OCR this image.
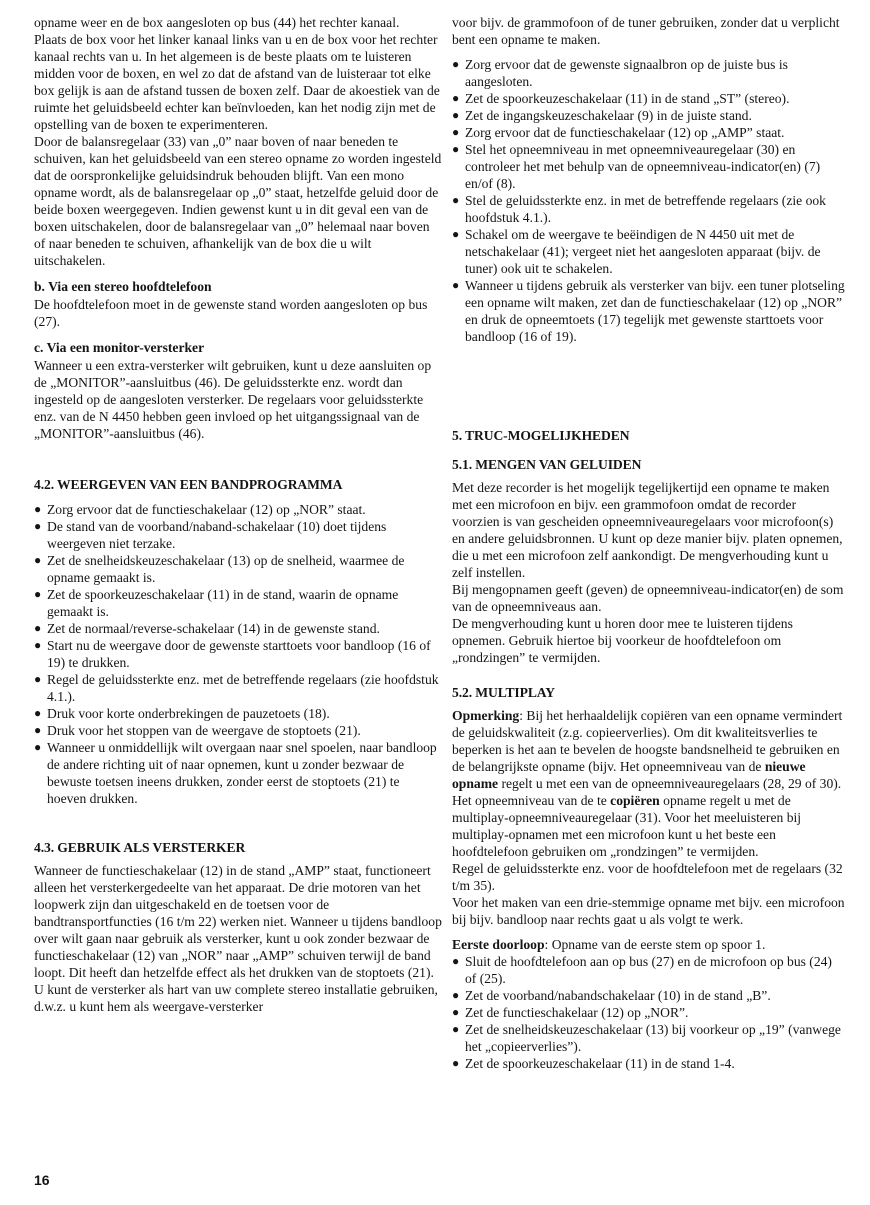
opname weer en de box aangesloten op bus (44) het rechter kanaal.

Plaats de box voor het linker kanaal links van u en de box voor het rechter kanaal rechts van u. In het algemeen is de beste plaats om te luisteren midden voor de boxen, en wel zo dat de afstand van de luisteraar tot elke box gelijk is aan de afstand tussen de boxen zelf. Daar de akoestiek van de ruimte het geluidsbeeld echter kan beïnvloeden, kan het nodig zijn met de opstelling van de boxen te experimenteren.

Door de balansregelaar (33) van „0” naar boven of naar beneden te schuiven, kan het geluidsbeeld van een stereo opname zo worden ingesteld dat de oorspronkelijke geluidsindruk behouden blijft. Van een mono opname wordt, als de balansregelaar op „0” staat, hetzelfde geluid door de beide boxen weergegeven. Indien gewenst kunt u in dit geval een van de boxen uitschakelen, door de balansregelaar van „0” helemaal naar boven of naar beneden te schuiven, afhankelijk van de box die u wilt uitschakelen.

b. Via een stereo hoofdtelefoon

De hoofdtelefoon moet in de gewenste stand worden aangesloten op bus (27).

c. Via een monitor-versterker

Wanneer u een extra-versterker wilt gebruiken, kunt u deze aansluiten op de „MONITOR”-aansluitbus (46). De geluidssterkte enz. wordt dan ingesteld op de aangesloten versterker. De regelaars voor geluidssterkte enz. van de N 4450 hebben geen invloed op het uitgangssignaal van de „MONITOR”-aansluitbus (46).

4.2. WEERGEVEN VAN EEN BANDPROGRAMMA

● Zorg ervoor dat de functieschakelaar (12) op „NOR” staat.
● De stand van de voorband/naband-schakelaar (10) doet tijdens weergeven niet terzake.
● Zet de snelheidskeuzeschakelaar (13) op de snelheid, waarmee de opname gemaakt is.
● Zet de spoorkeuzeschakelaar (11) in de stand, waarin de opname gemaakt is.
● Zet de normaal/reverse-schakelaar (14) in de gewenste stand.
● Start nu de weergave door de gewenste starttoets voor bandloop (16 of 19) te drukken.
● Regel de geluidssterkte enz. met de betreffende regelaars (zie hoofdstuk 4.1.).
● Druk voor korte onderbrekingen de pauzetoets (18).
● Druk voor het stoppen van de weergave de stoptoets (21).
● Wanneer u onmiddellijk wilt overgaan naar snel spoelen, naar bandloop de andere richting uit of naar opnemen, kunt u zonder bezwaar de bewuste toetsen ineens drukken, zonder eerst de stoptoets (21) te hoeven drukken.

4.3. GEBRUIK ALS VERSTERKER

Wanneer de functieschakelaar (12) in de stand „AMP” staat, functioneert alleen het versterkergedeelte van het apparaat. De drie motoren van het loopwerk zijn dan uitgeschakeld en de toetsen voor de bandtransportfuncties (16 t/m 22) werken niet. Wanneer u tijdens bandloop over wilt gaan naar gebruik als versterker, kunt u ook zonder bezwaar de functieschakelaar (12) van „NOR” naar „AMP” schuiven terwijl de band loopt. Dit heeft dan hetzelfde effect als het drukken van de stoptoets (21).

U kunt de versterker als hart van uw complete stereo installatie gebruiken, d.w.z. u kunt hem als weergave-versterker

voor bijv. de grammofoon of de tuner gebruiken, zonder dat u verplicht bent een opname te maken.

● Zorg ervoor dat de gewenste signaalbron op de juiste bus is aangesloten.
● Zet de spoorkeuzeschakelaar (11) in de stand „ST” (stereo).
● Zet de ingangskeuzeschakelaar (9) in de juiste stand.
● Zorg ervoor dat de functieschakelaar (12) op „AMP” staat.
● Stel het opneemniveau in met opneemniveauregelaar (30) en controleer het met behulp van de opneemniveau-indicator(en) (7) en/of (8).
● Stel de geluidssterkte enz. in met de betreffende regelaars (zie ook hoofdstuk 4.1.).
● Schakel om de weergave te beëindigen de N 4450 uit met de netschakelaar (41); vergeet niet het aangesloten apparaat (bijv. de tuner) ook uit te schakelen.
● Wanneer u tijdens gebruik als versterker van bijv. een tuner plotseling een opname wilt maken, zet dan de functieschakelaar (12) op „NOR” en druk de opneemtoets (17) tegelijk met gewenste starttoets voor bandloop (16 of 19).

5. TRUC-MOGELIJKHEDEN

5.1. MENGEN VAN GELUIDEN

Met deze recorder is het mogelijk tegelijkertijd een opname te maken met een microfoon en bijv. een grammofoon omdat de recorder voorzien is van gescheiden opneemniveauregelaars voor microfoon(s) en andere geluidsbronnen. U kunt op deze manier bijv. platen opnemen, die u met een microfoon zelf aankondigt. De mengverhouding kunt u zelf instellen.

Bij mengopnamen geeft (geven) de opneemniveau-indicator(en) de som van de opneemniveaus aan.

De mengverhouding kunt u horen door mee te luisteren tijdens opnemen. Gebruik hiertoe bij voorkeur de hoofdtelefoon om „rondzingen” te vermijden.

5.2. MULTIPLAY

Opmerking: Bij het herhaaldelijk copiëren van een opname vermindert de geluidskwaliteit (z.g. copieerverlies). Om dit kwaliteitsverlies te beperken is het aan te bevelen de hoogste bandsnelheid te gebruiken en de belangrijkste opname (bijv. Het opneemniveau van de nieuwe opname regelt u met een van de opneemniveauregelaars (28, 29 of 30). Het opneemniveau van de te copiëren opname regelt u met de multiplay-opneemniveauregelaar (31). Voor het meeluisteren bij multiplay-opnamen met een microfoon kunt u het beste een hoofdtelefoon gebruiken om „rondzingen” te vermijden.

Regel de geluidssterkte enz. voor de hoofdtelefoon met de regelaars (32 t/m 35).

Voor het maken van een drie-stemmige opname met bijv. een microfoon bij bijv. bandloop naar rechts gaat u als volgt te werk.

Eerste doorloop: Opname van de eerste stem op spoor 1.

● Sluit de hoofdtelefoon aan op bus (27) en de microfoon op bus (24) of (25).
● Zet de voorband/nabandschakelaar (10) in de stand „B”.
● Zet de functieschakelaar (12) op „NOR”.
● Zet de snelheidskeuzeschakelaar (13) bij voorkeur op „19” (vanwege het „copieerverlies”).
● Zet de spoorkeuzeschakelaar (11) in de stand 1-4.
16
